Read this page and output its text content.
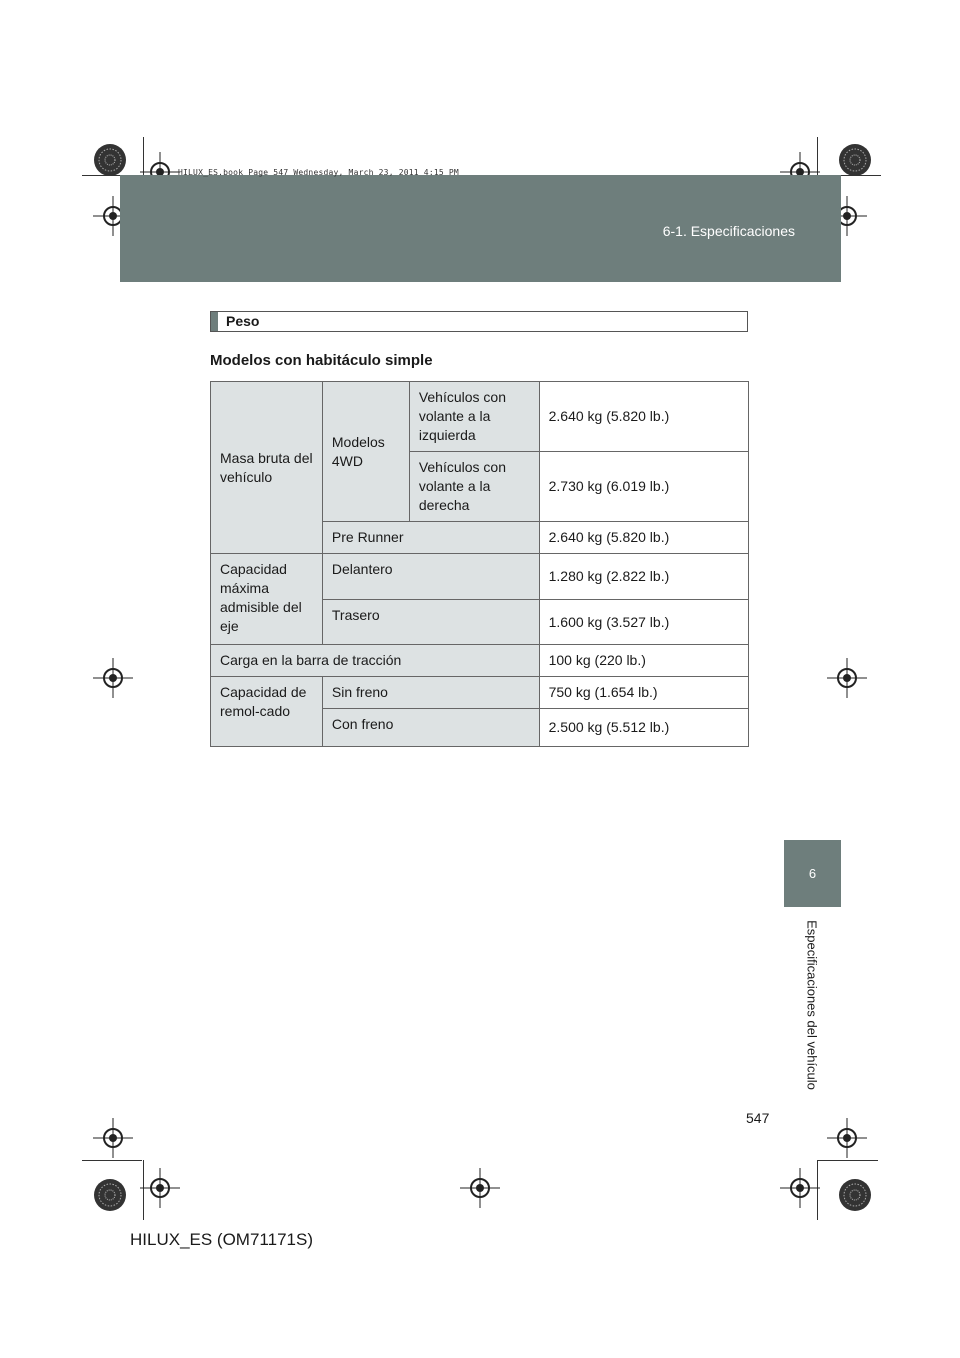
6-1. Especificaciones
HILUX_ES.book Page 547 Wednesday, March 23, 2011 4:15 PM
6
Especificaciones del vehículo
Peso
Modelos con habitáculo simple
Masa bruta del vehículo	Modelos 4WD	Vehículos con volante a la izquierda	2.640 kg (5.820 lb.)
		Vehículos con volante a la derecha	2.730 kg (6.019 lb.)
	Pre Runner		2.640 kg (5.820 lb.)
Capacidad máxima admisible del eje	Delantero		1.280 kg (2.822 lb.)
	Trasero		1.600 kg (3.527 lb.)
Carga en la barra de tracción			100 kg (220 lb.)
Capacidad de remol-cado	Sin freno		750 kg (1.654 lb.)
	Con freno		2.500 kg (5.512 lb.)
547
HILUX_ES (OM71171S)
